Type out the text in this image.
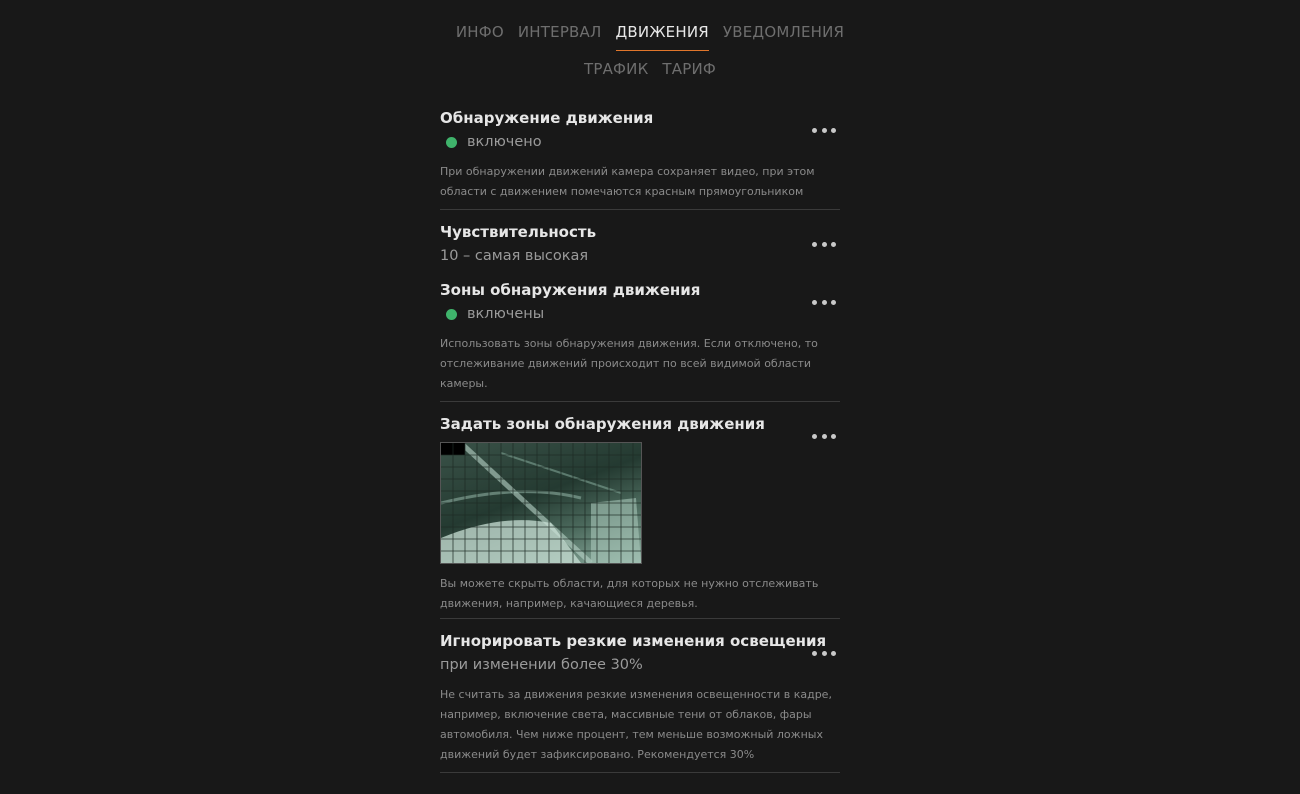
ИНФО ИНТЕРВАЛ ДВИЖЕНИЯ УВЕДОМЛЕНИЯ
ТРАФИК ТАРИФ
Обнаружение движения
включено
При обнаружении движений камера сохраняет видео, при этом области с движением помечаются красным прямоугольником
Чувствительность
10 – самая высокая
Зоны обнаружения движения
включены
Использовать зоны обнаружения движения. Если отключено, то отслеживание движений происходит по всей видимой области камеры.
Задать зоны обнаружения движения
Вы можете скрыть области, для которых не нужно отслеживать движения, например, качающиеся деревья.
Игнорировать резкие изменения освещения
при изменении более 30%
Не считать за движения резкие изменения освещенности в кадре, например, включение света, массивные тени от облаков, фары автомобиля. Чем ниже процент, тем меньше возможный ложных движений будет зафиксировано. Рекомендуется 30%
